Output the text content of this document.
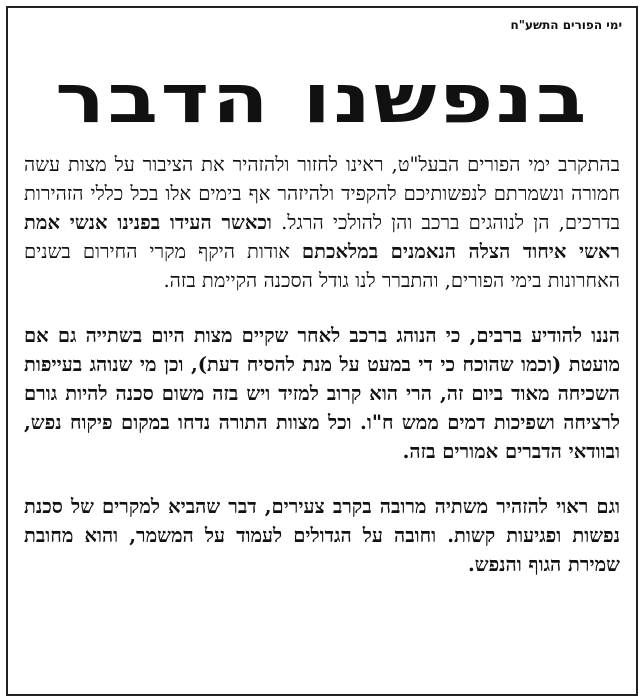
ימי הפורים התשע"ח
בנפשנו הדבר

בהתקרב ימי הפורים הבעל"ט, ראינו לחזור ולהזהיר את הציבור על מצות עשה חמורה ונשמרתם לנפשותיכם להקפיד ולהיזהר אף בימים אלו בכל כללי הזהירות בדרכים, הן לנוהגים ברכב והן להולכי הרגל. וכאשר העידו בפנינו אנשי אמת ראשי איחוד הצלה הנאמנים במלאכתם אודות היקף מקרי החירום בשנים האחרונות בימי הפורים, והתברר לנו גודל הסכנה הקיימת בזה.

הננו להודיע ברבים, כי הנוהג ברכב לאחר שקיים מצות היום בשתייה גם אם מועטת (וכמו שהוכח כי די במעט על מנת להסיח דעת), וכן מי שנוהג בעייפות השכיחה מאוד ביום זה, הרי הוא קרוב למזיד ויש בזה משום סכנה להיות גורם לרציחה ושפיכות דמים ממש ח"ו. וכל מצוות התורה נדחו במקום פיקוח נפש, ובוודאי הדברים אמורים בזה.

וגם ראוי להזהיר משתיה מרובה בקרב צעירים, דבר שהביא למקרים של סכנת נפשות ופגיעות קשות. וחובה על הגדולים לעמוד על המשמר, והוא מחובת שמירת הגוף והנפש.
